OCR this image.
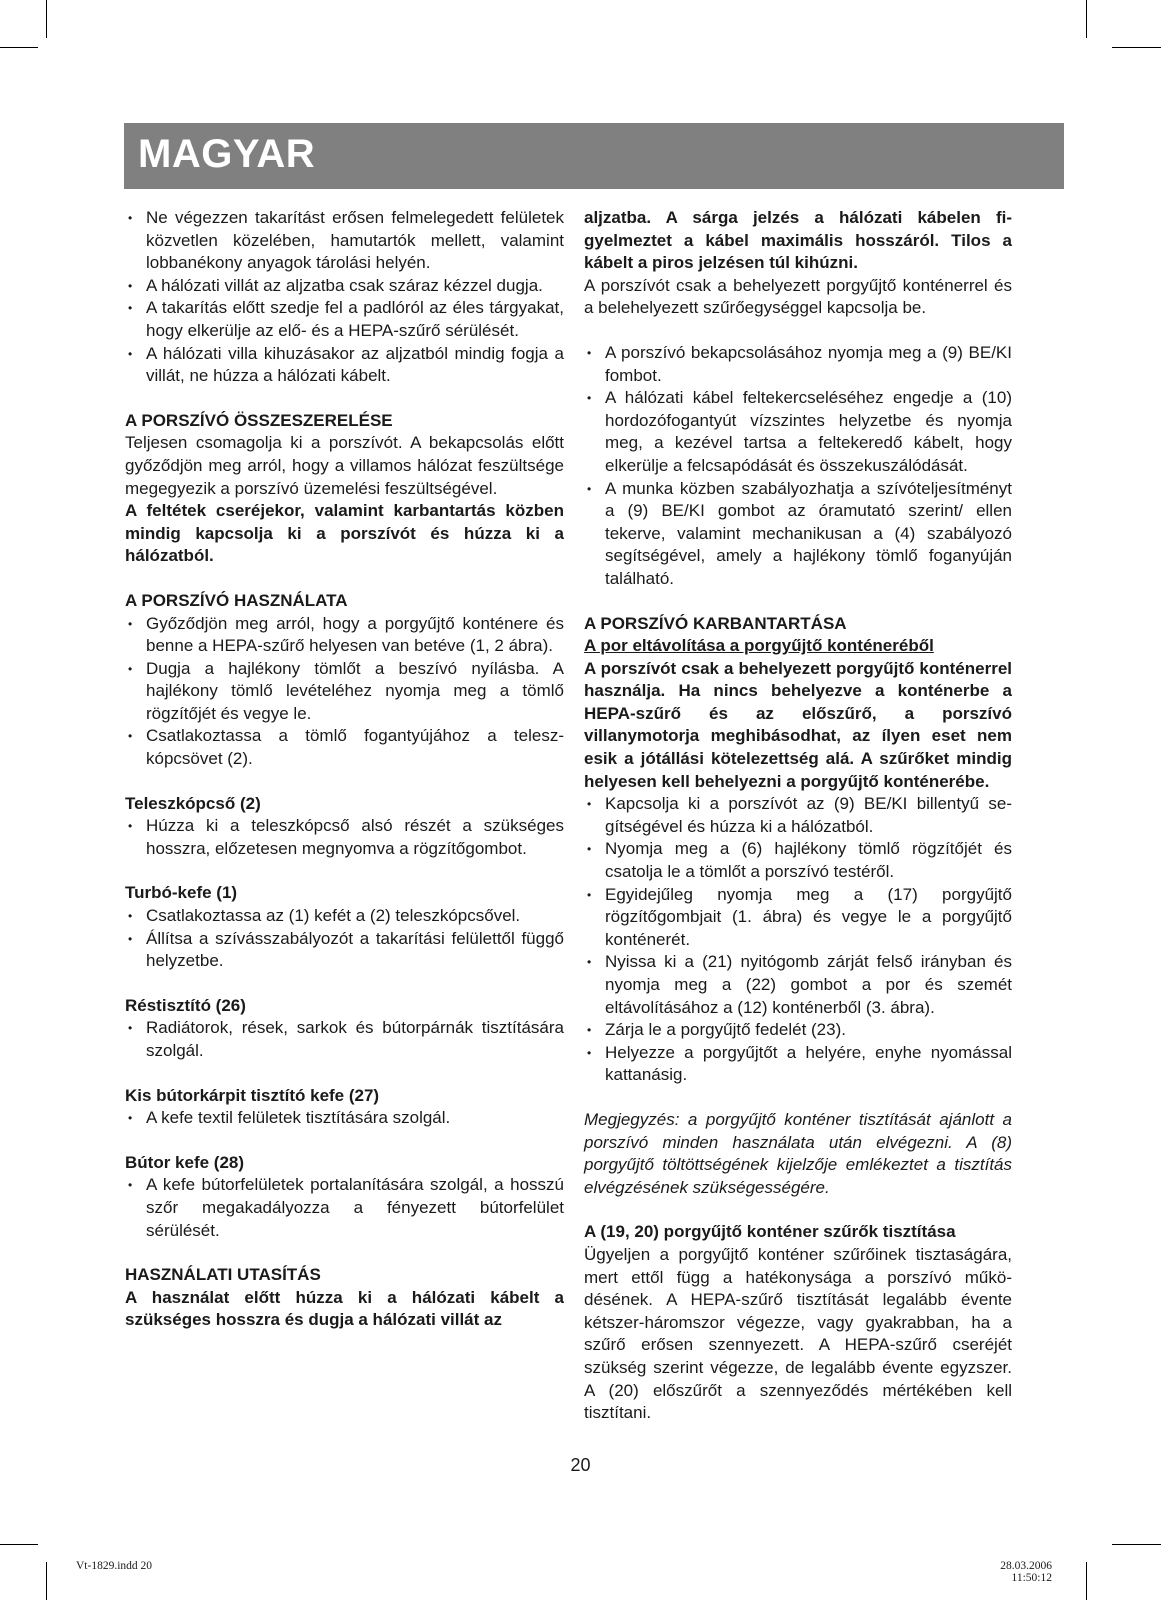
MAGYAR
• Ne végezzen takarítást erősen felmelegedett felületek közvetlen közelében, hamutartók mellett, valamint lobbanékony anyagok tárolási helyén.
• A hálózati villát az aljzatba csak száraz kézzel dugja.
• A takarítás előtt szedje fel a padlóról az éles tárgyakat, hogy elkerülje az elő- és a HEPA-szűrő sérülését.
• A hálózati villa kihuzásakor az aljzatból mindig fogja a villát, ne húzza a hálózati kábelt.

A PORSZÍVÓ ÖSSZESZERELÉSE

Teljesen csomagolja ki a porszívót. A bekapcsolás előtt győződjön meg arról, hogy a villamos hálózat feszültsége megegyezik a porszívó üzemelési feszültségével.

A feltétek cseréjekor, valamint karbantartás közben mindig kapcsolja ki a porszívót és húzza ki a hálózatból.

A PORSZÍVÓ HASZNÁLATA

• Győződjön meg arról, hogy a porgyűjtő konténere és benne a HEPA-szűrő helyesen van betéve (1, 2 ábra).
• Dugja a hajlékony tömlőt a beszívó nyílásba. A hajlékony tömlő levételéhez nyomja meg a tömlő rögzítőjét és vegye le.
• Csatlakoztassa a tömlő fogantyújához a teleszkópcsövet (2).

Teleszkópcső (2)

• Húzza ki a teleszkópcső alsó részét a szükséges hosszra, előzetesen megnyomva a rögzítőgombot.

Turbó-kefe (1)

• Csatlakoztassa az (1) kefét a (2) teleszkópcsővel.
• Állítsa a szívásszabályozót a takarítási felülettől függő helyzetbe.

Réstisztító (26)

• Radiátorok, rések, sarkok és bútorpárnák tisztítására szolgál.

Kis bútorkárpit tisztító kefe (27)

• A kefe textil felületek tisztítására szolgál.

Bútor kefe (28)

• A kefe bútorfelületek portalanítására szolgál, a hosszú szőr megakadályozza a fényezett bútorfelület sérülését.

HASZNÁLATI UTASÍTÁS

A használat előtt húzza ki a hálózati kábelt a szükséges hosszra és dugja a hálózati villát az

aljzatba. A sárga jelzés a hálózati kábelen figyelmeztet a kábel maximális hosszáról. Tilos a kábelt a piros jelzésen túl kihúzni.

A porszívót csak a behelyezett porgyűjtő konténerrel és a belehelyezett szűrőegységgel kapcsolja be.

• A porszívó bekapcsolásához nyomja meg a (9) BE/KI fombot.
• A hálózati kábel feltekercseléséhez engedje a (10) hordozófogantyút vízszintes helyzetbe és nyomja meg, a kezével tartsa a feltekeredő kábelt, hogy elkerülje a felcsapódását és összekuszálódását.
• A munka közben szabályozhatja a szívóteljesítményt a (9) BE/KI gombot az óramutató szerint/ ellen tekerve, valamint mechanikusan a (4) szabályozó segítségével, amely a hajlékony tömlő foganyúján található.

A PORSZÍVÓ KARBANTARTÁSA

A por eltávolítása a porgyűjtő konténeréből

A porszívót csak a behelyezett porgyűjtő konténerrel használja. Ha nincs behelyezve a konténerbe a HEPA-szűrő és az előszűrő, a porszívó villanymotorja meghibásodhat, az ílyen eset nem esik a jótállási kötelezettség alá. A szűrőket mindig helyesen kell behelyezni a porgyűjtő konténerébe.

• Kapcsolja ki a porszívót az (9) BE/KI billentyű segítségével és húzza ki a hálózatból.
• Nyomja meg a (6) hajlékony tömlő rögzítőjét és csatolja le a tömlőt a porszívó testéről.
• Egyidejűleg nyomja meg a (17) porgyűjtő rögzítőgombjait (1. ábra) és vegye le a porgyűjtő konténerét.
• Nyissa ki a (21) nyitógomb zárját felső irányban és nyomja meg a (22) gombot a por és szemét eltávolításához a (12) konténerből (3. ábra).
• Zárja le a porgyűjtő fedelét (23).
• Helyezze a porgyűjtőt a helyére, enyhe nyomással kattanásig.

Megjegyzés: a porgyűjtő konténer tisztítását ajánlott a porszívó minden használata után elvégezni. A (8) porgyűjtő töltöttségének kijelzője emlékeztet a tisztítás elvégzésének szükségességére.

A (19, 20) porgyűjtő konténer szűrők tisztítása

Ügyeljen a porgyűjtő konténer szűrőinek tisztaságára, mert ettől függ a hatékonysága a porszívó működésének. A HEPA-szűrő tisztítását legalább évente kétszer-háromszor végezze, vagy gyakrabban, ha a szűrő erősen szennyezett. A HEPA-szűrő cseréjét szükség szerint végezze, de legalább évente egyzszer. A (20) előszűrőt a szennyeződés mértékében kell tisztítani.

20
Vt-1829.indd 20	28.03.2006 11:50:12
